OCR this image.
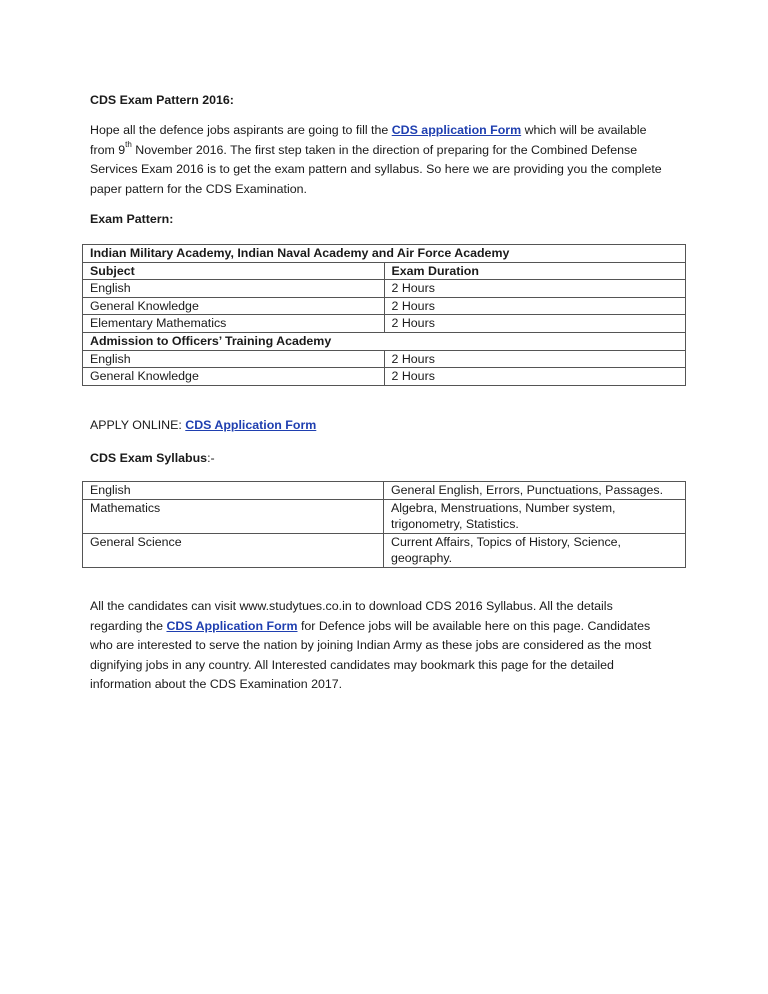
CDS Exam Pattern 2016:
Hope all the defence jobs aspirants are going to fill the CDS application Form which will be available
from 9th November 2016. The first step taken in the direction of preparing for the Combined Defense
Services Exam 2016 is to get the exam pattern and syllabus. So here we are providing you the complete
paper pattern for the CDS Examination.
Exam Pattern:
Indian Military Academy, Indian Naval Academy and Air Force Academy	
Subject	Exam Duration
English	2 Hours
General Knowledge	2 Hours
Elementary Mathematics	2 Hours
Admission to Officers’ Training Academy	
English	2 Hours
General Knowledge	2 Hours
APPLY ONLINE: CDS Application Form
CDS Exam Syllabus:-
English	General English, Errors, Punctuations, Passages.

Mathematics	Algebra, Menstruations, Number system,
trigonometry, Statistics.

General Science	Current Affairs, Topics of History, Science,
geography.
All the candidates can visit www.studytues.co.in to download CDS 2016 Syllabus. All the details
regarding the CDS Application Form for Defence jobs will be available here on this page. Candidates
who are interested to serve the nation by joining Indian Army as these jobs are considered as the most
dignifying jobs in any country. All Interested candidates may bookmark this page for the detailed
information about the CDS Examination 2017.
